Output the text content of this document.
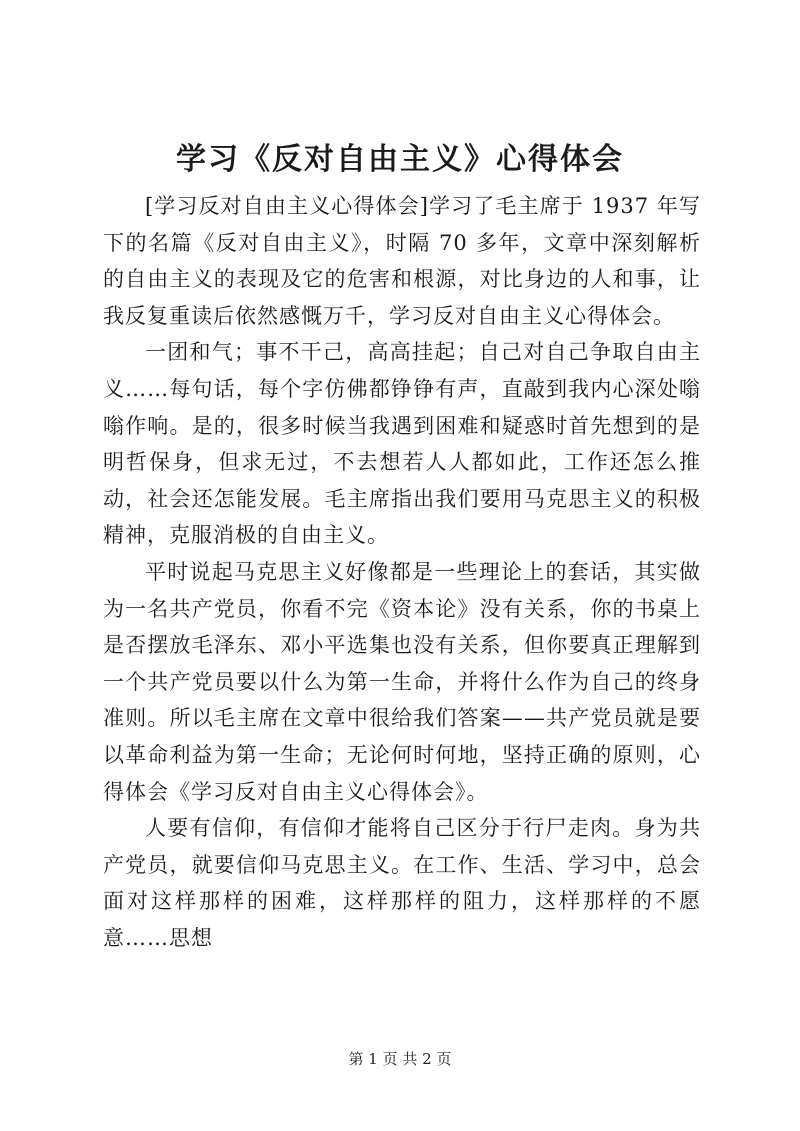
学习《反对自由主义》心得体会

[学习反对自由主义心得体会]学习了毛主席于 1937 年写下的名篇《反对自由主义》，时隔 70 多年，文章中深刻解析的自由主义的表现及它的危害和根源，对比身边的人和事，让我反复重读后依然感慨万千，学习反对自由主义心得体会。

一团和气；事不干己，高高挂起；自己对自己争取自由主义……每句话，每个字仿佛都铮铮有声，直敲到我内心深处嗡嗡作响。是的，很多时候当我遇到困难和疑惑时首先想到的是明哲保身，但求无过，不去想若人人都如此，工作还怎么推动，社会还怎能发展。毛主席指出我们要用马克思主义的积极精神，克服消极的自由主义。

平时说起马克思主义好像都是一些理论上的套话，其实做为一名共产党员，你看不完《资本论》没有关系，你的书桌上是否摆放毛泽东、邓小平选集也没有关系，但你要真正理解到一个共产党员要以什么为第一生命，并将什么作为自己的终身准则。所以毛主席在文章中很给我们答案——共产党员就是要以革命利益为第一生命；无论何时何地，坚持正确的原则，心得体会《学习反对自由主义心得体会》。

人要有信仰，有信仰才能将自己区分于行尸走肉。身为共产党员，就要信仰马克思主义。在工作、生活、学习中，总会面对这样那样的困难，这样那样的阻力，这样那样的不愿意……思想

第 1 页 共 2 页
